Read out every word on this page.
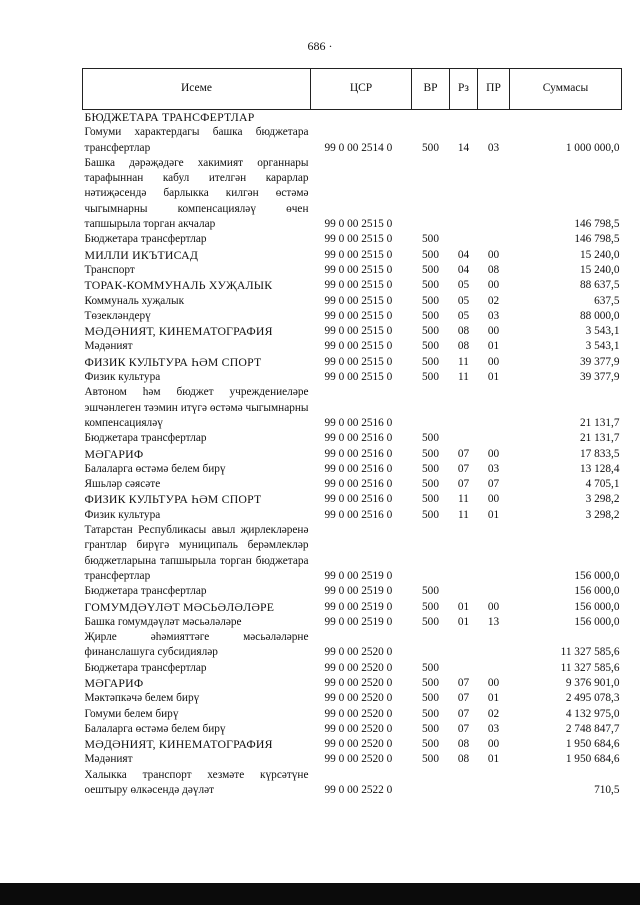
686 ·
Исеме	ЦСР	ВР	Рз	ПР	Суммасы
БЮДЖЕТАРА ТРАНСФЕРТЛАР					
Гомуми характердагы башка бюджетара трансфертлар	99 0 00 2514 0	500	14	03	1 000 000,0
Башка дәрәҗәдәге хакимият органнары тарафыннан кабул ителгән карарлар нәтиҗәсендә барлыкка килгән өстәмә чыгымнарны компенсацияләү өчен тапшырыла торган акчалар	99 0 00 2515 0				146 798,5
Бюджетара трансфертлар	99 0 00 2515 0	500			146 798,5
МИЛЛИ ИКЪТИСАД	99 0 00 2515 0	500	04	00	15 240,0
Транспорт	99 0 00 2515 0	500	04	08	15 240,0
ТОРАК-КОММУНАЛЬ ХУҖАЛЫК	99 0 00 2515 0	500	05	00	88 637,5
Коммуналь хуҗалык	99 0 00 2515 0	500	05	02	637,5
Төзекләндерү	99 0 00 2515 0	500	05	03	88 000,0
МӘДӘНИЯТ, КИНЕМАТОГРАФИЯ	99 0 00 2515 0	500	08	00	3 543,1
Мәдәният	99 0 00 2515 0	500	08	01	3 543,1
ФИЗИК КУЛЬТУРА ҺӘМ СПОРТ	99 0 00 2515 0	500	11	00	39 377,9
Физик культура	99 0 00 2515 0	500	11	01	39 377,9
Автоном һәм бюджет учреждениеләре эшчәнлеген тәэмин итүгә өстәмә чыгымнарны компенсацияләү	99 0 00 2516 0				21 131,7
Бюджетара трансфертлар	99 0 00 2516 0	500			21 131,7
МӘГАРИФ	99 0 00 2516 0	500	07	00	17 833,5
Балаларга өстәмә белем бирү	99 0 00 2516 0	500	07	03	13 128,4
Яшьләр сәясәте	99 0 00 2516 0	500	07	07	4 705,1
ФИЗИК КУЛЬТУРА ҺӘМ СПОРТ	99 0 00 2516 0	500	11	00	3 298,2
Физик культура	99 0 00 2516 0	500	11	01	3 298,2
Татарстан Республикасы авыл җирлекләренә грантлар бирүгә муниципаль берәмлекләр бюджетларына тапшырыла торган бюджетара трансфертлар	99 0 00 2519 0				156 000,0
Бюджетара трансфертлар	99 0 00 2519 0	500			156 000,0
ГОМУМДӘҮЛӘТ МӘСЬӘЛӘЛӘРЕ	99 0 00 2519 0	500	01	00	156 000,0
Башка гомумдәүләт мәсьәләләре	99 0 00 2519 0	500	01	13	156 000,0
Җирле әһәмияттәге мәсьәләләрне финанслашуга субсидияләр	99 0 00 2520 0				11 327 585,6
Бюджетара трансфертлар	99 0 00 2520 0	500			11 327 585,6
МӘГАРИФ	99 0 00 2520 0	500	07	00	9 376 901,0
Мәктәпкәчә белем бирү	99 0 00 2520 0	500	07	01	2 495 078,3
Гомуми белем бирү	99 0 00 2520 0	500	07	02	4 132 975,0
Балаларга өстәмә белем бирү	99 0 00 2520 0	500	07	03	2 748 847,7
МӘДӘНИЯТ, КИНЕМАТОГРАФИЯ	99 0 00 2520 0	500	08	00	1 950 684,6
Мәдәният	99 0 00 2520 0	500	08	01	1 950 684,6
Халыкка транспорт хезмәте күрсәтүне оештыру өлкәсендә дәүләт	99 0 00 2522 0				710,5
